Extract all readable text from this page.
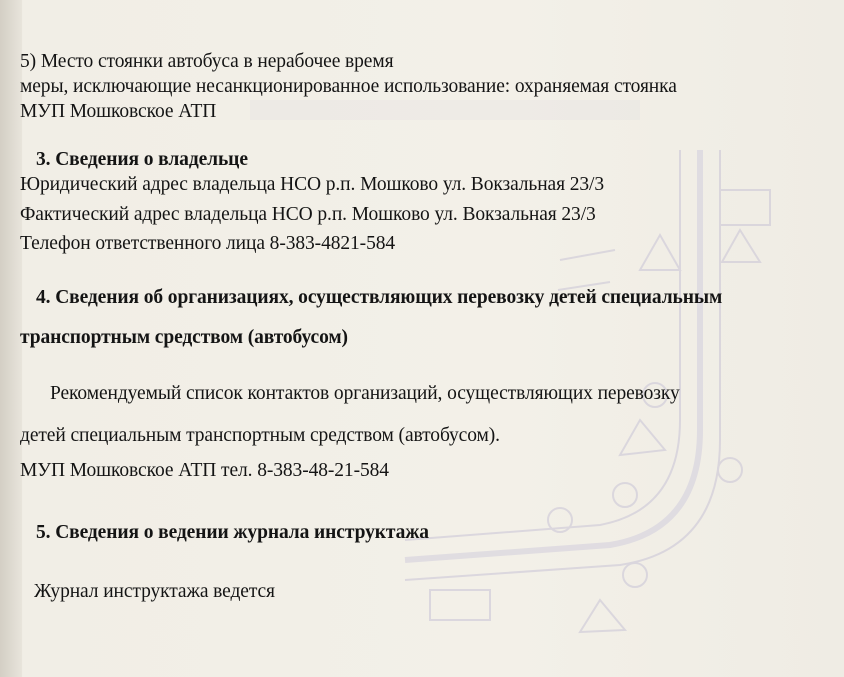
5) Место стоянки автобуса в нерабочее время
меры, исключающие несанкционированное использование: охраняемая стоянка
МУП Мошковское АТП
3. Сведения о владельце
Юридический адрес владельца НСО р.п. Мошково ул. Вокзальная 23/3
Фактический адрес владельца НСО р.п. Мошково ул. Вокзальная 23/3
Телефон ответственного лица 8-383-4821-584
4. Сведения об организациях, осуществляющих перевозку детей специальным
транспортным средством (автобусом)
Рекомендуемый список контактов организаций, осуществляющих перевозку
детей специальным транспортным средством (автобусом).
МУП Мошковское АТП тел. 8-383-48-21-584
5. Сведения о ведении журнала инструктажа
Журнал инструктажа ведется
